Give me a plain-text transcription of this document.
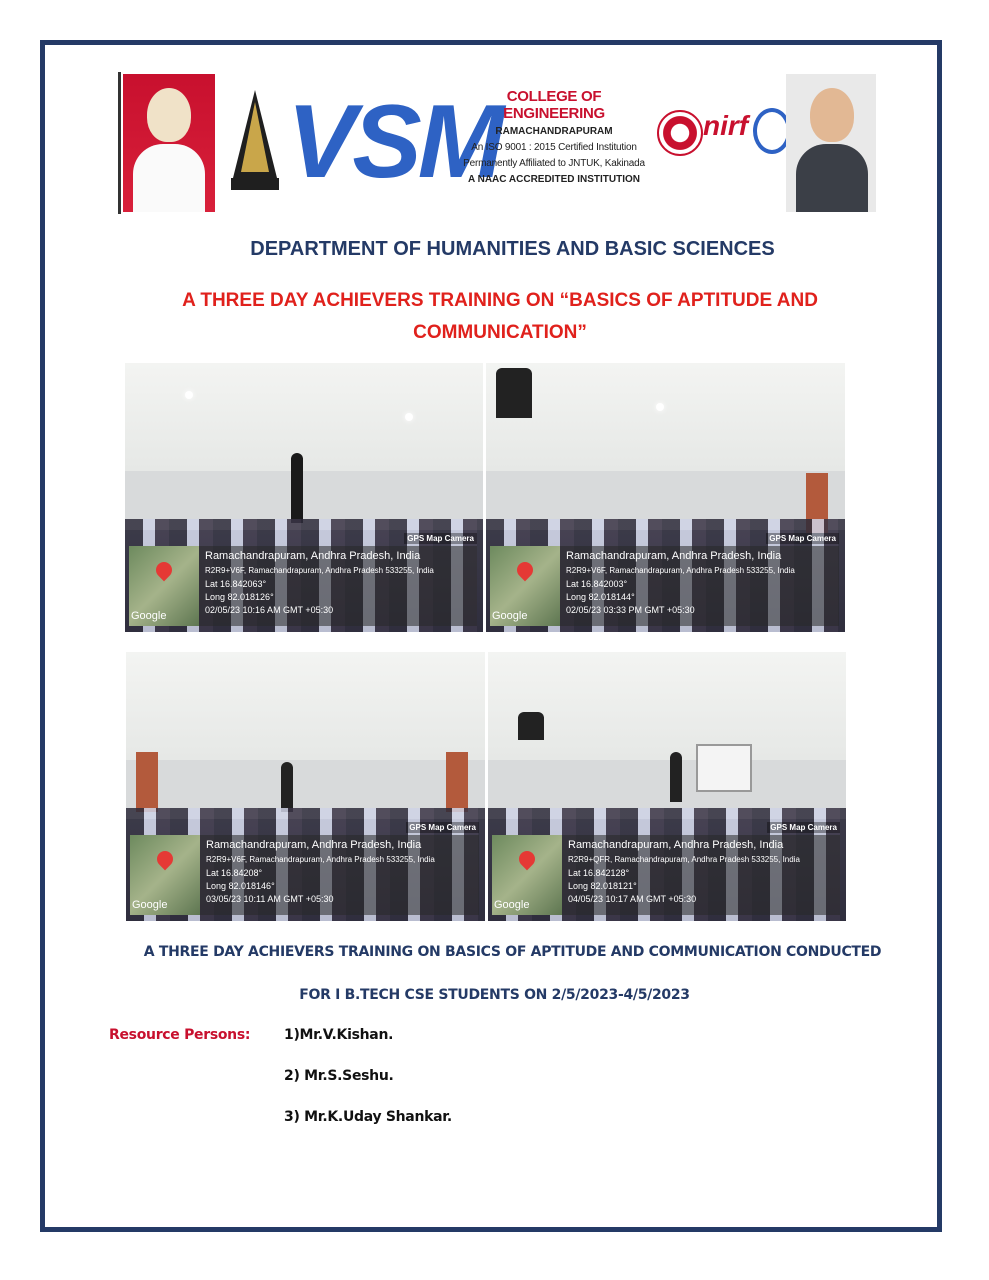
VSM COLLEGE OF ENGINEERING
RAMACHANDRAPURAM
An ISO 9001 : 2015 Certified Institution
Permanently Affiliated to JNTUK, Kakinada
A NAAC ACCREDITED INSTITUTION
nirf
DEPARTMENT OF HUMANITIES AND BASIC SCIENCES
A THREE DAY ACHIEVERS TRAINING ON “BASICS OF APTITUDE AND
COMMUNICATION”
GPS Map Camera
Google
Ramachandrapuram, Andhra Pradesh, India
R2R9+V6F, Ramachandrapuram, Andhra Pradesh 533255, India
Lat 16.842063°
Long 82.018126°
02/05/23 10:16 AM GMT +05:30
GPS Map Camera
Google
Ramachandrapuram, Andhra Pradesh, India
R2R9+V6F, Ramachandrapuram, Andhra Pradesh 533255, India
Lat 16.842003°
Long 82.018144°
02/05/23 03:33 PM GMT +05:30
GPS Map Camera
Google
Ramachandrapuram, Andhra Pradesh, India
R2R9+V6F, Ramachandrapuram, Andhra Pradesh 533255, India
Lat 16.84208°
Long 82.018146°
03/05/23 10:11 AM GMT +05:30
GPS Map Camera
Google
Ramachandrapuram, Andhra Pradesh, India
R2R9+QFR, Ramachandrapuram, Andhra Pradesh 533255, India
Lat 16.842128°
Long 82.018121°
04/05/23 10:17 AM GMT +05:30
A THREE DAY ACHIEVERS TRAINING ON BASICS OF APTITUDE AND COMMUNICATION CONDUCTED
FOR I B.TECH CSE STUDENTS ON 2/5/2023-4/5/2023
Resource Persons: 1)Mr.V.Kishan.
2) Mr.S.Seshu.
3) Mr.K.Uday Shankar.
